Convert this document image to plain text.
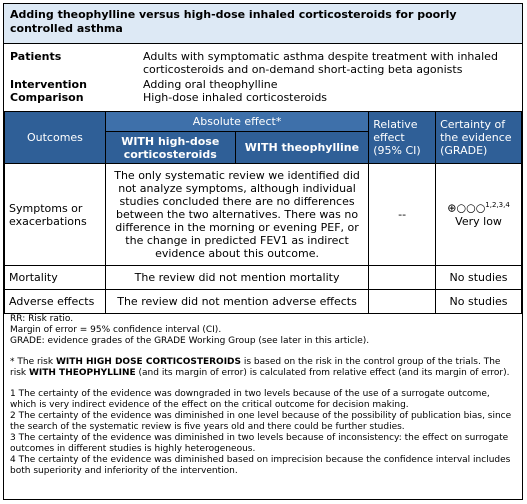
Adding theophylline versus high-dose inhaled corticosteroids for poorly controlled asthma
Patients	Adults with symptomatic asthma despite treatment with inhaled corticosteroids and on-demand short-acting beta agonists
Intervention	Adding oral theophylline
Comparison	High-dose inhaled corticosteroids
Outcomes	Absolute effect*		Relative effect (95% CI)	Certainty of the evidence (GRADE)
	WITH high-dose corticosteroids	WITH theophylline		
Symptoms or exacerbations	The only systematic review we identified did not analyze symptoms, although individual studies concluded there are no differences between the two alternatives. There was no difference in the morning or evening PEF, or the change in predicted FEV1 as indirect evidence about this outcome.		--	⊕○○○$^{1,2,3,4}$
Very low
Mortality	The review did not mention mortality			No studies
Adverse effects	The review did not mention adverse effects			No studies

RR: Risk ratio.

Margin of error = 95% confidence interval (CI).

GRADE: evidence grades of the GRADE Working Group (see later in this article).

* The risk WITH HIGH DOSE CORTICOSTEROIDS is based on the risk in the control group of the trials. The risk WITH THEOPHYLLINE (and its margin of error) is calculated from relative effect (and its margin of error).

1 The certainty of the evidence was downgraded in two levels because of the use of a surrogate outcome, which is very indirect evidence of the effect on the critical outcome for decision making.

2 The certainty of the evidence was diminished in one level because of the possibility of publication bias, since the search of the systematic review is five years old and there could be further studies.

3 The certainty of the evidence was diminished in two levels because of inconsistency: the effect on surrogate outcomes in different studies is highly heterogeneous.

4 The certainty of the evidence was diminished based on imprecision because the confidence interval includes both superiority and inferiority of the intervention.
